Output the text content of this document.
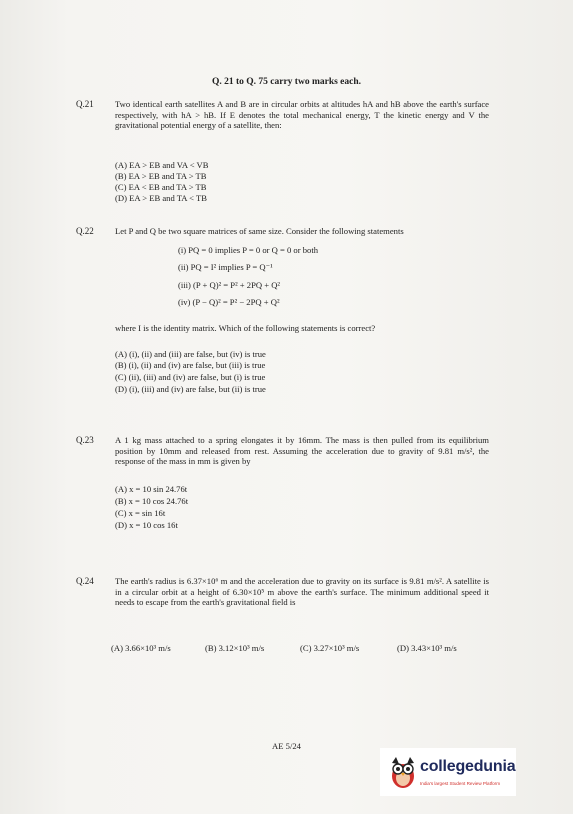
Q. 21 to Q. 75 carry two marks each.
Q.21 Two identical earth satellites A and B are in circular orbits at altitudes hA and hB above the earth's surface respectively, with hA > hB. If E denotes the total mechanical energy, T the kinetic energy and V the gravitational potential energy of a satellite, then:
(A) EA > EB and VA < VB
(B) EA > EB and TA > TB
(C) EA < EB and TA > TB
(D) EA > EB and TA < TB
Q.22 Let P and Q be two square matrices of same size. Consider the following statements
(i) PQ = 0 implies P = 0 or Q = 0 or both
(ii) PQ = I² implies P = Q⁻¹
(iii) (P + Q)² = P² + 2PQ + Q²
(iv) (P − Q)² = P² − 2PQ + Q²
where I is the identity matrix. Which of the following statements is correct?
(A) (i), (ii) and (iii) are false, but (iv) is true
(B) (i), (ii) and (iv) are false, but (iii) is true
(C) (ii), (iii) and (iv) are false, but (i) is true
(D) (i), (iii) and (iv) are false, but (ii) is true
Q.23 A 1 kg mass attached to a spring elongates it by 16mm. The mass is then pulled from its equilibrium position by 10mm and released from rest. Assuming the acceleration due to gravity of 9.81 m/s², the response of the mass in mm is given by
(A) x = 10 sin 24.76t
(B) x = 10 cos 24.76t
(C) x = sin 16t
(D) x = 10 cos 16t
Q.24 The earth's radius is 6.37×10⁶ m and the acceleration due to gravity on its surface is 9.81 m/s². A satellite is in a circular orbit at a height of 6.30×10⁵ m above the earth's surface. The minimum additional speed it needs to escape from the earth's gravitational field is
(A) 3.66×10³ m/s	(B) 3.12×10³ m/s	(C) 3.27×10³ m/s	(D) 3.43×10³ m/s
AE 5/24
collegedunia
India's largest Student Review Platform
